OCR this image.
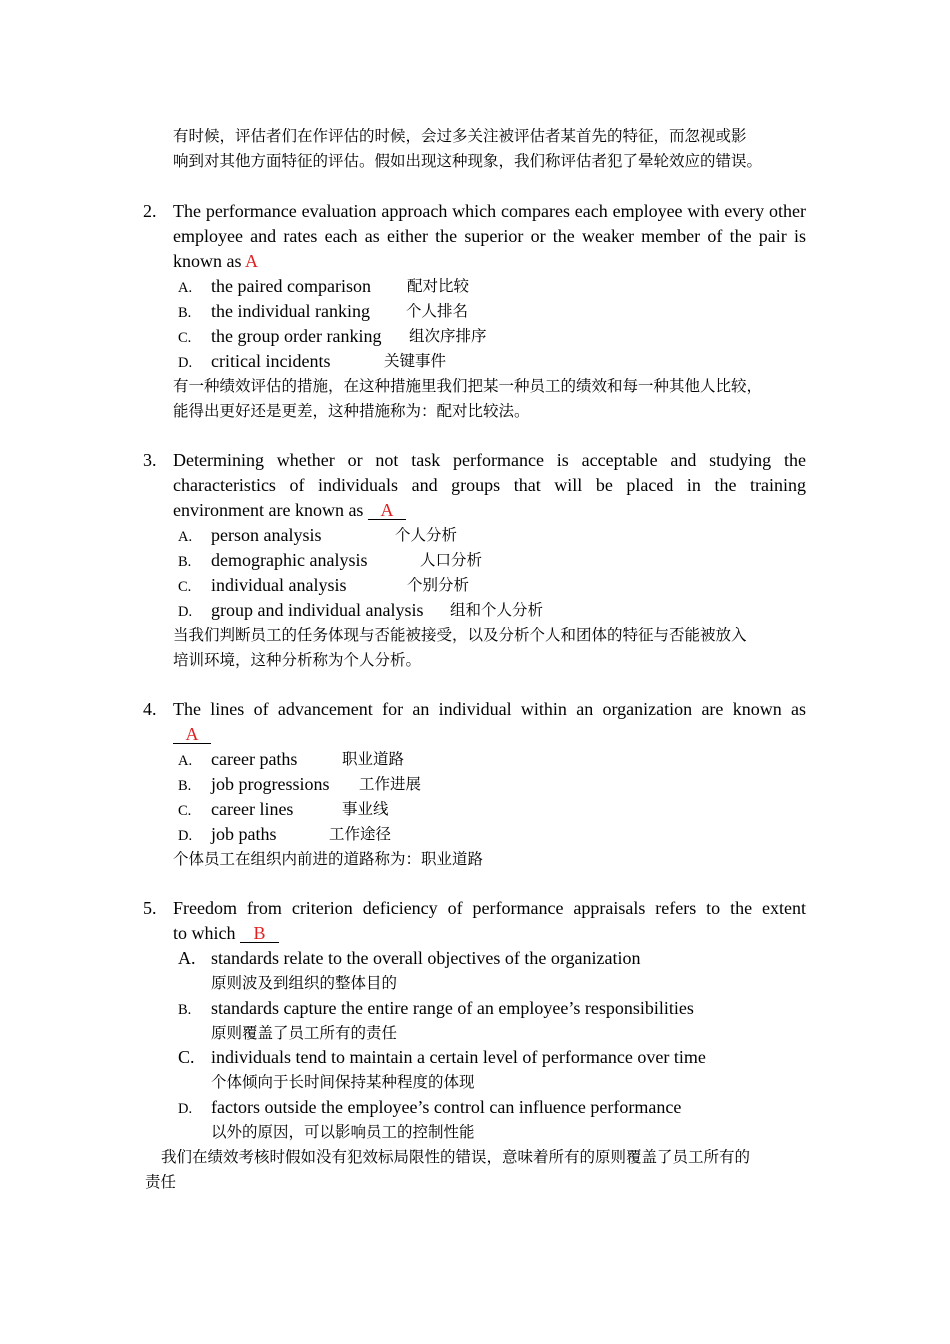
有时候，评估者们在作评估的时候，会过多关注被评估者某首先的特征，而忽视或影
响到对其他方面特征的评估。假如出现这种现象，我们称评估者犯了晕轮效应的错误。
2. The performance evaluation approach which compares each employee with every other employee and rates each as either the superior or the weaker member of the pair is known as A
A. the paired comparison 配对比较
B. the individual ranking 个人排名
C. the group order ranking 组次序排序
D. critical incidents	关键事件
有一种绩效评估的措施，在这种措施里我们把某一种员工的绩效和每一种其他人比较，
能得出更好还是更差，这种措施称为：配对比较法。
3. Determining whether or not task performance is acceptable and studying the
characteristics of individuals and groups that will be placed in the training
environment are known as A
A. person analysis	个人分析
B. demographic analysis	人口分析
C. individual analysis	个别分析
D. group and individual analysis 组和个人分析
当我们判断员工的任务体现与否能被接受，以及分析个人和团体的特征与否能被放入
培训环境，这种分析称为个人分析。
4. The lines of advancement for an individual within an organization are known as
A
A. career paths	职业道路
B. job progressions 工作进展
C. career lines	事业线
D. job paths	工作途径
个体员工在组织内前进的道路称为：职业道路
5. Freedom from criterion deficiency of performance appraisals refers to the extent
to which B
A. standards relate to the overall objectives of the organization
原则波及到组织的整体目的
B. standards capture the entire range of an employee’s responsibilities
原则覆盖了员工所有的责任
C. individuals tend to maintain a certain level of performance over time
个体倾向于长时间保持某种程度的体现
D. factors outside the employee’s control can influence performance
以外的原因，可以影响员工的控制性能
我们在绩效考核时假如没有犯效标局限性的错误，意味着所有的原则覆盖了员工所有的
责任
